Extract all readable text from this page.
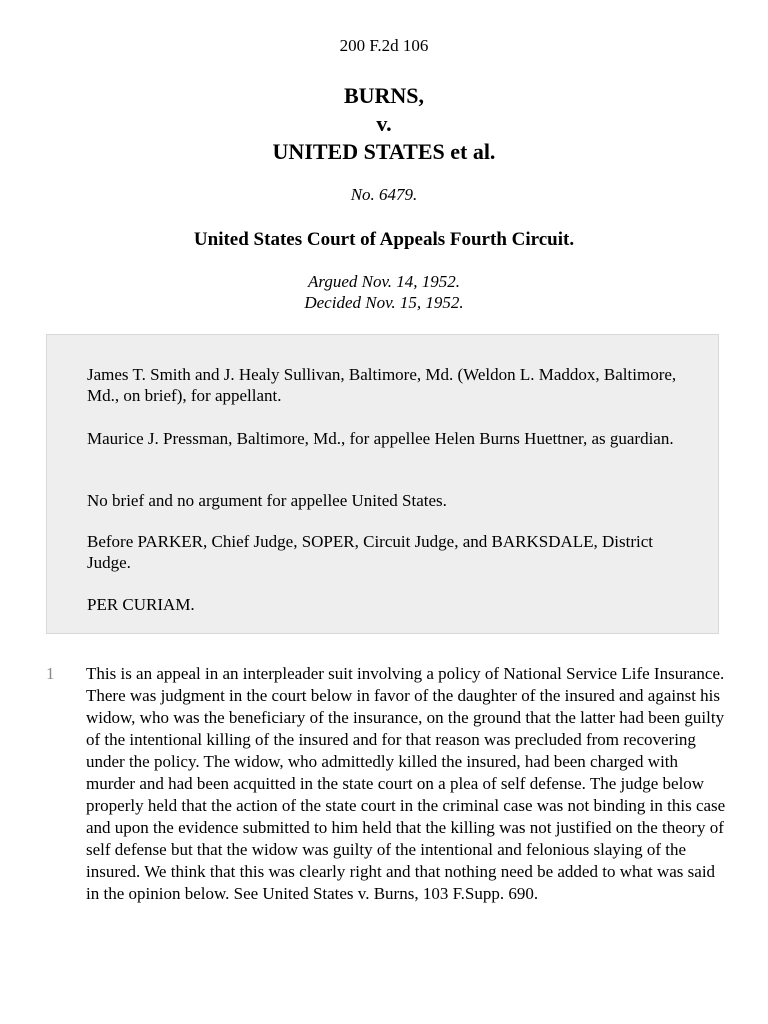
200 F.2d 106
BURNS,
v.
UNITED STATES et al.
No. 6479.
United States Court of Appeals Fourth Circuit.
Argued Nov. 14, 1952.
Decided Nov. 15, 1952.

James T. Smith and J. Healy Sullivan, Baltimore, Md. (Weldon L. Maddox, Baltimore, Md., on brief), for appellant.

Maurice J. Pressman, Baltimore, Md., for appellee Helen Burns Huettner, as guardian.

No brief and no argument for appellee United States.

Before PARKER, Chief Judge, SOPER, Circuit Judge, and BARKSDALE, District Judge.

PER CURIAM.

1 This is an appeal in an interpleader suit involving a policy of National Service Life Insurance. There was judgment in the court below in favor of the daughter of the insured and against his widow, who was the beneficiary of the insurance, on the ground that the latter had been guilty of the intentional killing of the insured and for that reason was precluded from recovering under the policy. The widow, who admittedly killed the insured, had been charged with murder and had been acquitted in the state court on a plea of self defense. The judge below properly held that the action of the state court in the criminal case was not binding in this case and upon the evidence submitted to him held that the killing was not justified on the theory of self defense but that the widow was guilty of the intentional and felonious slaying of the insured. We think that this was clearly right and that nothing need be added to what was said in the opinion below. See United States v. Burns, 103 F.Supp. 690.
